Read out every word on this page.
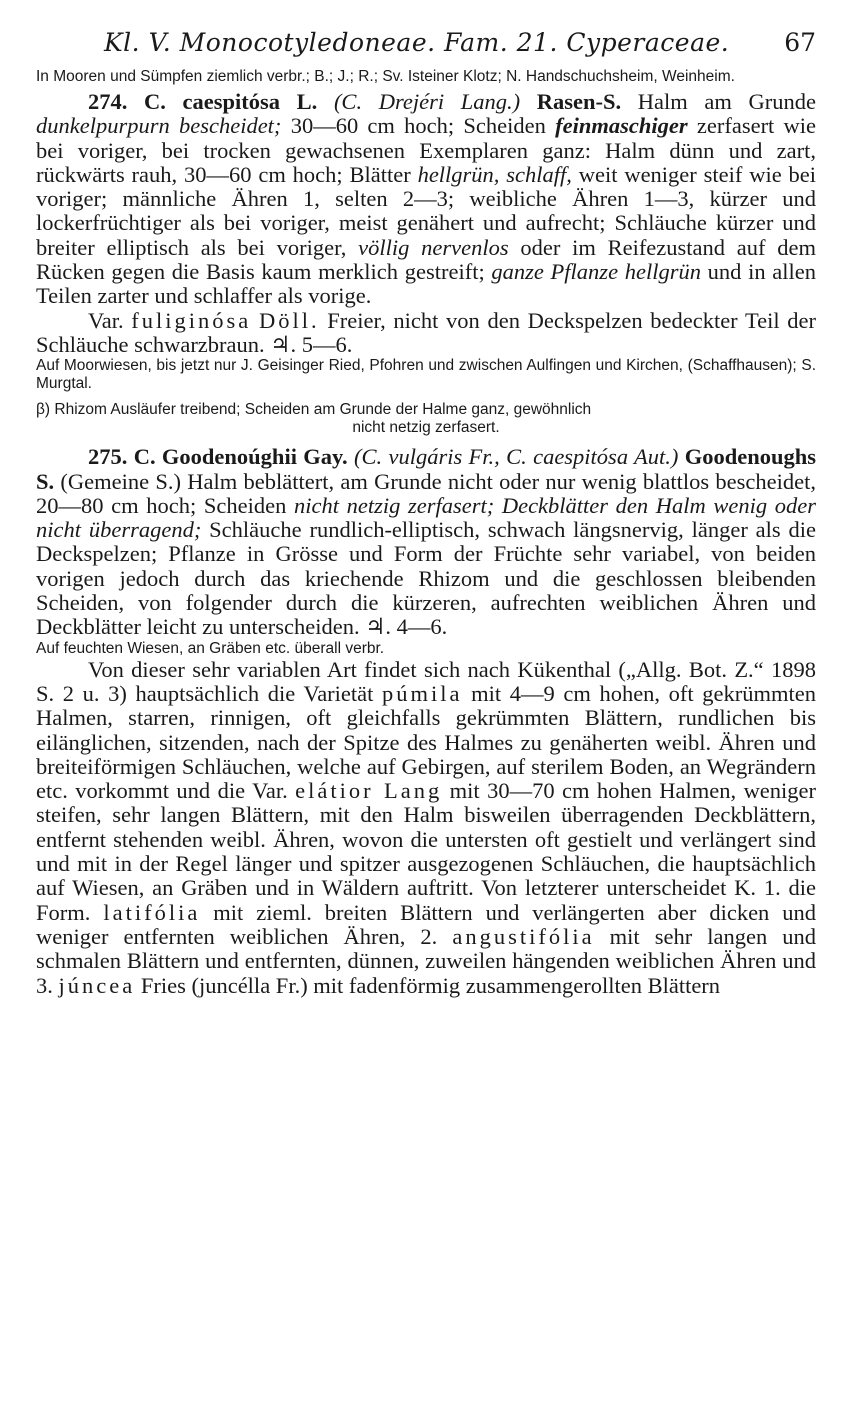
Kl. V. Monocotyledoneae. Fam. 21. Cyperaceae. 67

In Mooren und Sümpfen ziemlich verbr.; B.; J.; R.; Sv. Isteiner Klotz; N. Handschuchsheim, Weinheim.

274. C. caespitósa L. (C. Drejéri Lang.) Rasen-S. Halm am Grunde dunkelpurpurn bescheidet; 30—60 cm hoch; Scheiden feinmaschiger zerfasert wie bei voriger, bei trocken gewachsenen Exemplaren ganz: Halm dünn und zart, rückwärts rauh, 30—60 cm hoch; Blätter hellgrün, schlaff, weit weniger steif wie bei voriger; männliche Ähren 1, selten 2—3; weibliche Ähren 1—3, kürzer und lockerfrüchtiger als bei voriger, meist genähert und aufrecht; Schläuche kürzer und breiter elliptisch als bei voriger, völlig nervenlos oder im Reifezustand auf dem Rücken gegen die Basis kaum merklich gestreift; ganze Pflanze hellgrün und in allen Teilen zarter und schlaffer als vorige.

Var. fuliginósa Döll. Freier, nicht von den Deckspelzen bedeckter Teil der Schläuche schwarzbraun. ♃. 5—6.

Auf Moorwiesen, bis jetzt nur J. Geisinger Ried, Pfohren und zwischen Aulfingen und Kirchen, (Schaffhausen); S. Murgtal.

β) Rhizom Ausläufer treibend; Scheiden am Grunde der Halme ganz, gewöhnlich

nicht netzig zerfasert.

275. C. Goodenoúghii Gay. (C. vulgáris Fr., C. caespitósa Aut.) Goodenoughs S. (Gemeine S.) Halm beblättert, am Grunde nicht oder nur wenig blattlos bescheidet, 20—80 cm hoch; Scheiden nicht netzig zerfasert; Deckblätter den Halm wenig oder nicht überragend; Schläuche rundlich-elliptisch, schwach längsnervig, länger als die Deckspelzen; Pflanze in Grösse und Form der Früchte sehr variabel, von beiden vorigen jedoch durch das kriechende Rhizom und die geschlossen bleibenden Scheiden, von folgender durch die kürzeren, aufrechten weiblichen Ähren und Deckblätter leicht zu unterscheiden. ♃. 4—6.

Auf feuchten Wiesen, an Gräben etc. überall verbr.

Von dieser sehr variablen Art findet sich nach Kükenthal („Allg. Bot. Z.“ 1898 S. 2 u. 3) hauptsächlich die Varietät púmila mit 4—9 cm hohen, oft gekrümmten Halmen, starren, rinnigen, oft gleichfalls gekrümmten Blättern, rundlichen bis eilänglichen, sitzenden, nach der Spitze des Halmes zu genäherten weibl. Ähren und breiteiförmigen Schläuchen, welche auf Gebirgen, auf sterilem Boden, an Wegrändern etc. vorkommt und die Var. elátior Lang mit 30—70 cm hohen Halmen, weniger steifen, sehr langen Blättern, mit den Halm bisweilen überragenden Deckblättern, entfernt stehenden weibl. Ähren, wovon die untersten oft gestielt und verlängert sind und mit in der Regel länger und spitzer ausgezogenen Schläuchen, die hauptsächlich auf Wiesen, an Gräben und in Wäldern auftritt. Von letzterer unterscheidet K. 1. die Form. latifólia mit zieml. breiten Blättern und verlängerten aber dicken und weniger entfernten weiblichen Ähren, 2. angustifólia mit sehr langen und schmalen Blättern und entfernten, dünnen, zuweilen hängenden weiblichen Ähren und 3. júncea Fries (juncélla Fr.) mit fadenförmig zusammengerollten Blättern
